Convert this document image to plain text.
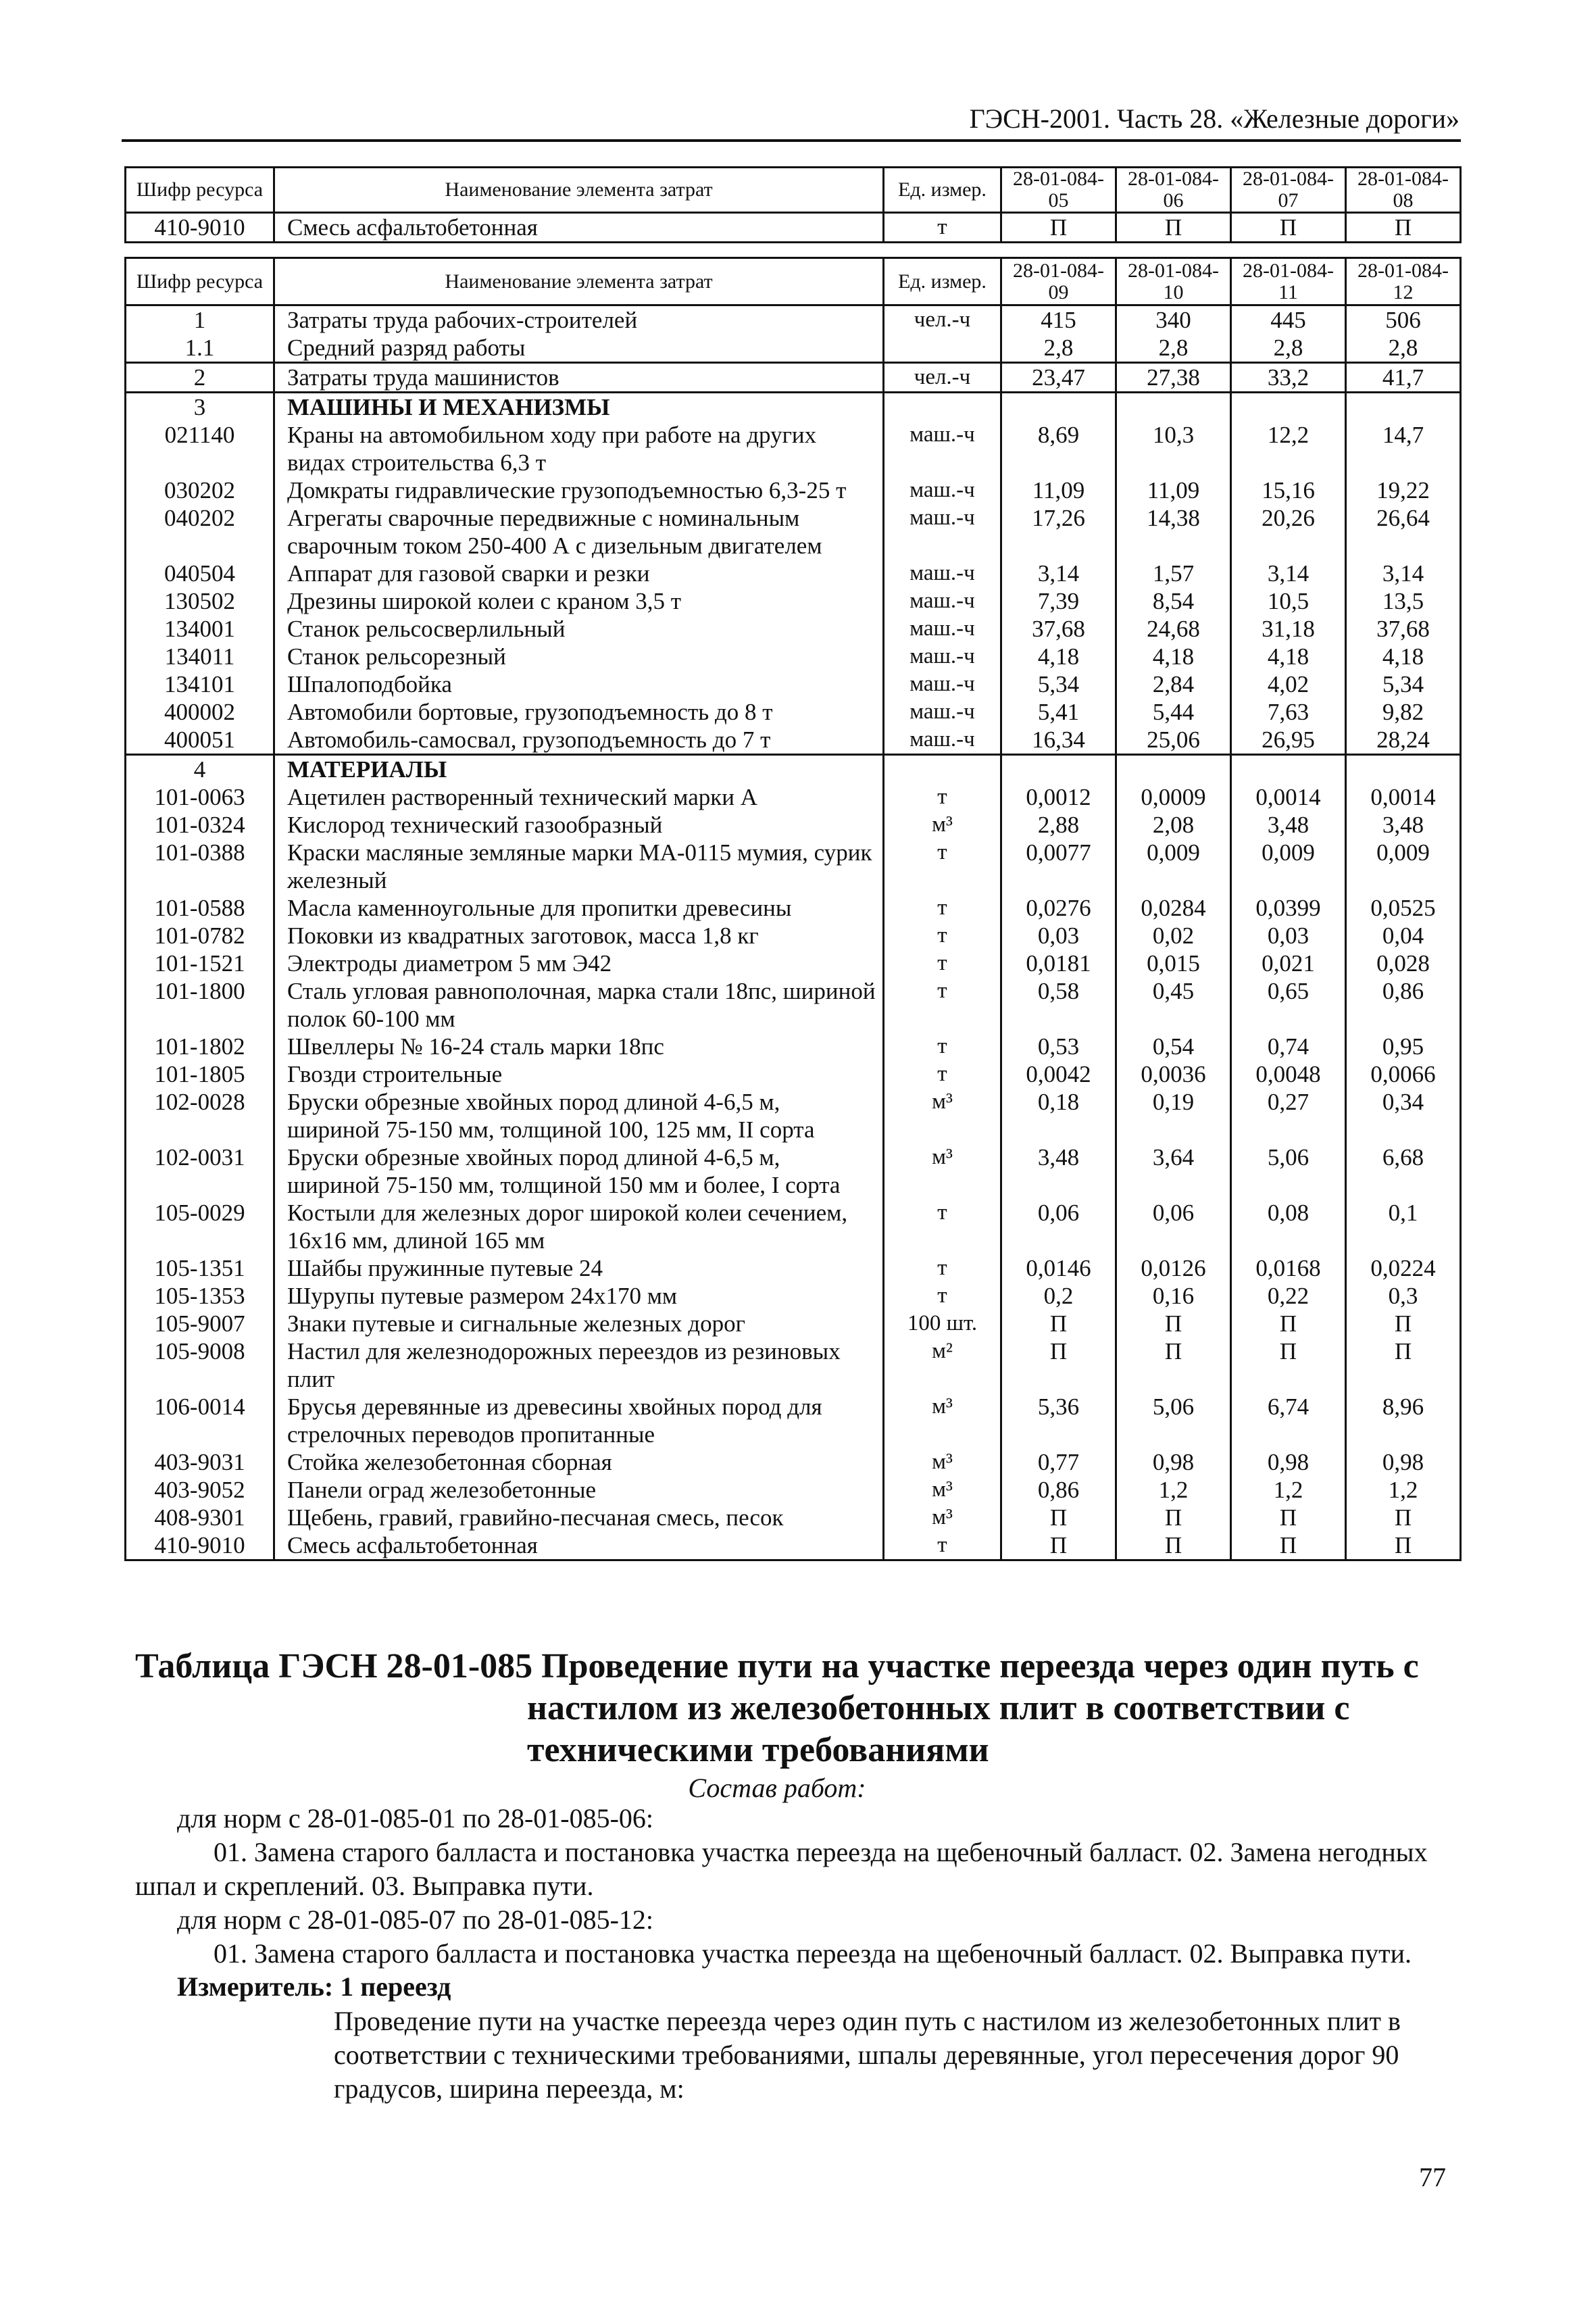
ГЭСН-2001. Часть 28. «Железные дороги»
Шифр ресурса	Наименование элемента затрат	Ед. измер.	28-01-084-05	28-01-084-06	28-01-084-07	28-01-084-08
410-9010	Смесь асфальтобетонная	т	П	П	П	П
Шифр ресурса	Наименование элемента затрат	Ед. измер.	28-01-084-09	28-01-084-10	28-01-084-11	28-01-084-12
1	Затраты труда рабочих-строителей	чел.-ч	415	340	445	506
1.1	Средний разряд работы		2,8	2,8	2,8	2,8
2	Затраты труда машинистов	чел.-ч	23,47	27,38	33,2	41,7
3	МАШИНЫ И МЕХАНИЗМЫ					
021140	Краны на автомобильном ходу при работе на других видах строительства 6,3 т	маш.-ч	8,69	10,3	12,2	14,7
030202	Домкраты гидравлические грузоподъемностью 6,3-25 т	маш.-ч	11,09	11,09	15,16	19,22
040202	Агрегаты сварочные передвижные с номинальным сварочным током 250-400 А с дизельным двигателем	маш.-ч	17,26	14,38	20,26	26,64
040504	Аппарат для газовой сварки и резки	маш.-ч	3,14	1,57	3,14	3,14
130502	Дрезины широкой колеи с краном 3,5 т	маш.-ч	7,39	8,54	10,5	13,5
134001	Станок рельсосверлильный	маш.-ч	37,68	24,68	31,18	37,68
134011	Станок рельсорезный	маш.-ч	4,18	4,18	4,18	4,18
134101	Шпалоподбойка	маш.-ч	5,34	2,84	4,02	5,34
400002	Автомобили бортовые, грузоподъемность до 8 т	маш.-ч	5,41	5,44	7,63	9,82
400051	Автомобиль-самосвал, грузоподъемность до 7 т	маш.-ч	16,34	25,06	26,95	28,24
4	МАТЕРИАЛЫ					
101-0063	Ацетилен растворенный технический марки А	т	0,0012	0,0009	0,0014	0,0014
101-0324	Кислород технический газообразный	м³	2,88	2,08	3,48	3,48
101-0388	Краски масляные земляные марки МА-0115 мумия, сурик железный	т	0,0077	0,009	0,009	0,009
101-0588	Масла каменноугольные для пропитки древесины	т	0,0276	0,0284	0,0399	0,0525
101-0782	Поковки из квадратных заготовок, масса 1,8 кг	т	0,03	0,02	0,03	0,04
101-1521	Электроды диаметром 5 мм Э42	т	0,0181	0,015	0,021	0,028
101-1800	Сталь угловая равнополочная, марка стали 18пс, шириной полок 60-100 мм	т	0,58	0,45	0,65	0,86
101-1802	Швеллеры № 16-24 сталь марки 18пс	т	0,53	0,54	0,74	0,95
101-1805	Гвозди строительные	т	0,0042	0,0036	0,0048	0,0066
102-0028	Бруски обрезные хвойных пород длиной 4-6,5 м, шириной 75-150 мм, толщиной 100, 125 мм, II сорта	м³	0,18	0,19	0,27	0,34
102-0031	Бруски обрезные хвойных пород длиной 4-6,5 м, шириной 75-150 мм, толщиной 150 мм и более, I сорта	м³	3,48	3,64	5,06	6,68
105-0029	Костыли для железных дорог широкой колеи сечением, 16х16 мм, длиной 165 мм	т	0,06	0,06	0,08	0,1
105-1351	Шайбы пружинные путевые 24	т	0,0146	0,0126	0,0168	0,0224
105-1353	Шурупы путевые размером 24х170 мм	т	0,2	0,16	0,22	0,3
105-9007	Знаки путевые и сигнальные железных дорог	100 шт.	П	П	П	П
105-9008	Настил для железнодорожных переездов из резиновых плит	м²	П	П	П	П
106-0014	Брусья деревянные из древесины хвойных пород для стрелочных переводов пропитанные	м³	5,36	5,06	6,74	8,96
403-9031	Стойка железобетонная сборная	м³	0,77	0,98	0,98	0,98
403-9052	Панели оград железобетонные	м³	0,86	1,2	1,2	1,2
408-9301	Щебень, гравий, гравийно-песчаная смесь, песок	м³	П	П	П	П
410-9010	Смесь асфальтобетонная	т	П	П	П	П
Таблица ГЭСН 28-01-085 Проведение пути на участке переезда через один путь с
настилом из железобетонных плит в соответствии с
техническими требованиями
Состав работ:
для норм с 28-01-085-01 по 28-01-085-06:
01. Замена старого балласта и постановка участка переезда на щебеночный балласт. 02. Замена негодных
шпал и скреплений. 03. Выправка пути.
для норм с 28-01-085-07 по 28-01-085-12:
01. Замена старого балласта и постановка участка переезда на щебеночный балласт. 02. Выправка пути.
Измеритель: 1 переезд
Проведение пути на участке переезда через один путь с настилом из железобетонных плит в соответствии с техническими требованиями, шпалы деревянные, угол пересечения дорог 90 градусов, ширина переезда, м:
77
